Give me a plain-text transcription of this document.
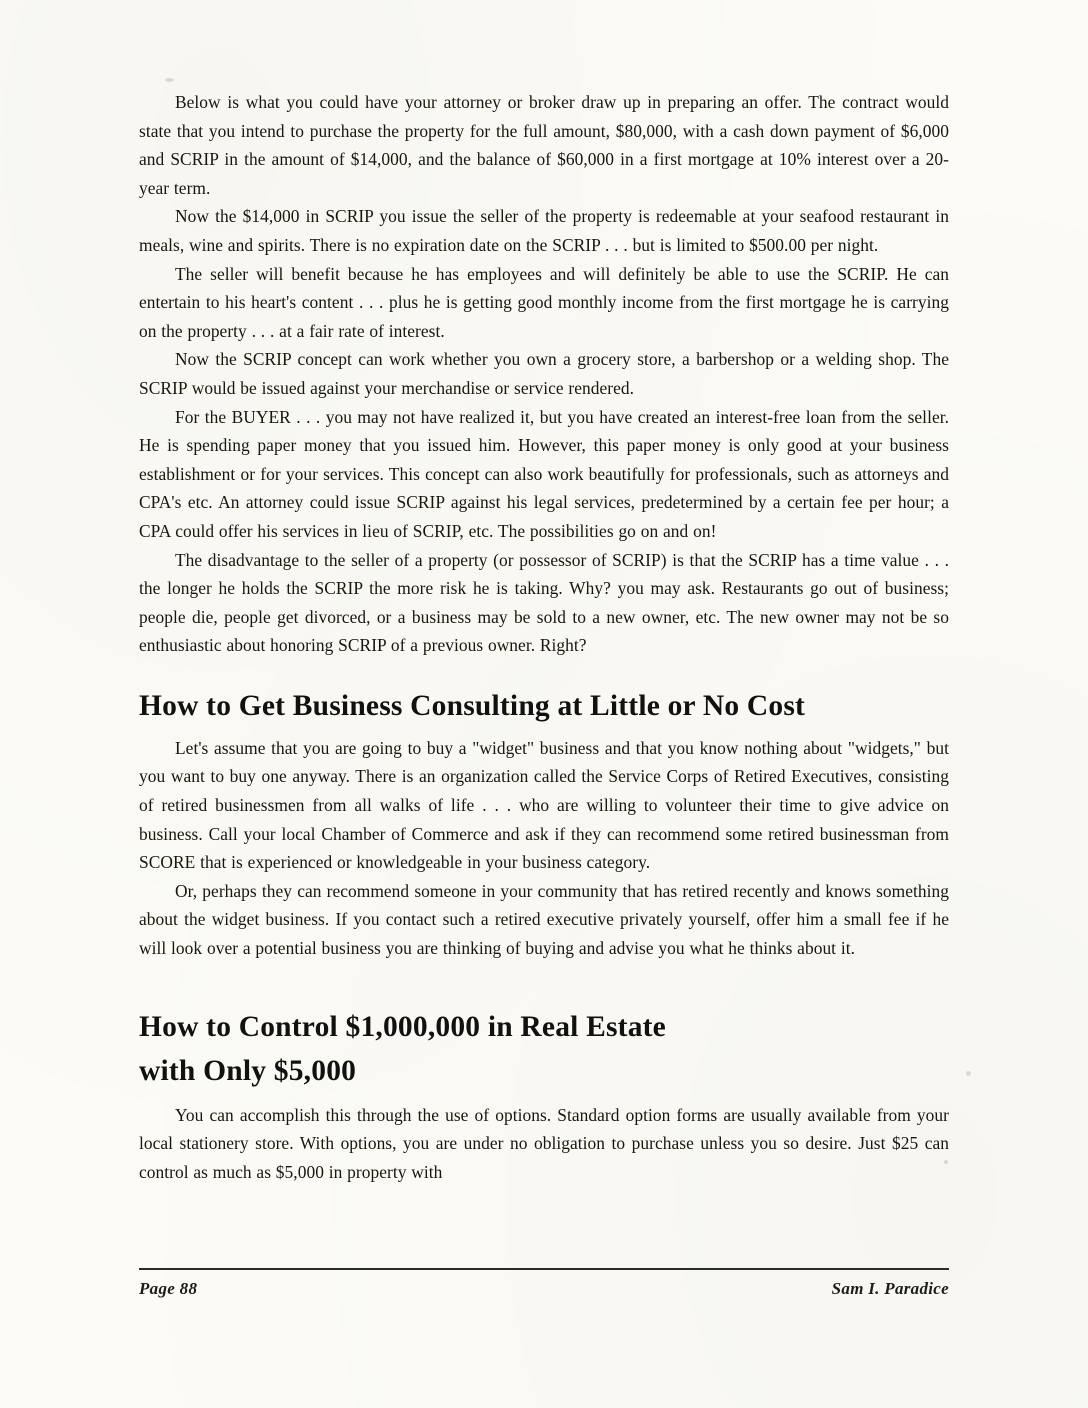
Below is what you could have your attorney or broker draw up in preparing an offer. The contract would state that you intend to purchase the property for the full amount, $80,000, with a cash down payment of $6,000 and SCRIP in the amount of $14,000, and the balance of $60,000 in a first mortgage at 10% interest over a 20-year term.

Now the $14,000 in SCRIP you issue the seller of the property is redeemable at your seafood restaurant in meals, wine and spirits. There is no expiration date on the SCRIP . . . but is limited to $500.00 per night.

The seller will benefit because he has employees and will definitely be able to use the SCRIP. He can entertain to his heart's content . . . plus he is getting good monthly income from the first mortgage he is carrying on the property . . . at a fair rate of interest.

Now the SCRIP concept can work whether you own a grocery store, a barbershop or a welding shop. The SCRIP would be issued against your merchandise or service rendered.

For the BUYER . . . you may not have realized it, but you have created an interest-free loan from the seller. He is spending paper money that you issued him. However, this paper money is only good at your business establishment or for your services. This concept can also work beautifully for professionals, such as attorneys and CPA's etc. An attorney could issue SCRIP against his legal services, predetermined by a certain fee per hour; a CPA could offer his services in lieu of SCRIP, etc. The possibilities go on and on!

The disadvantage to the seller of a property (or possessor of SCRIP) is that the SCRIP has a time value . . . the longer he holds the SCRIP the more risk he is taking. Why? you may ask. Restaurants go out of business; people die, people get divorced, or a business may be sold to a new owner, etc. The new owner may not be so enthusiastic about honoring SCRIP of a previous owner. Right?

How to Get Business Consulting at Little or No Cost

Let's assume that you are going to buy a "widget" business and that you know nothing about "widgets," but you want to buy one anyway. There is an organization called the Service Corps of Retired Executives, consisting of retired businessmen from all walks of life . . . who are willing to volunteer their time to give advice on business. Call your local Chamber of Commerce and ask if they can recommend some retired businessman from SCORE that is experienced or knowledgeable in your business category.

Or, perhaps they can recommend someone in your community that has retired recently and knows something about the widget business. If you contact such a retired executive privately yourself, offer him a small fee if he will look over a potential business you are thinking of buying and advise you what he thinks about it.

How to Control $1,000,000 in Real Estate
with Only $5,000

You can accomplish this through the use of options. Standard option forms are usually available from your local stationery store. With options, you are under no obligation to purchase unless you so desire. Just $25 can control as much as $5,000 in property with

Page 88	Sam I. Paradice
